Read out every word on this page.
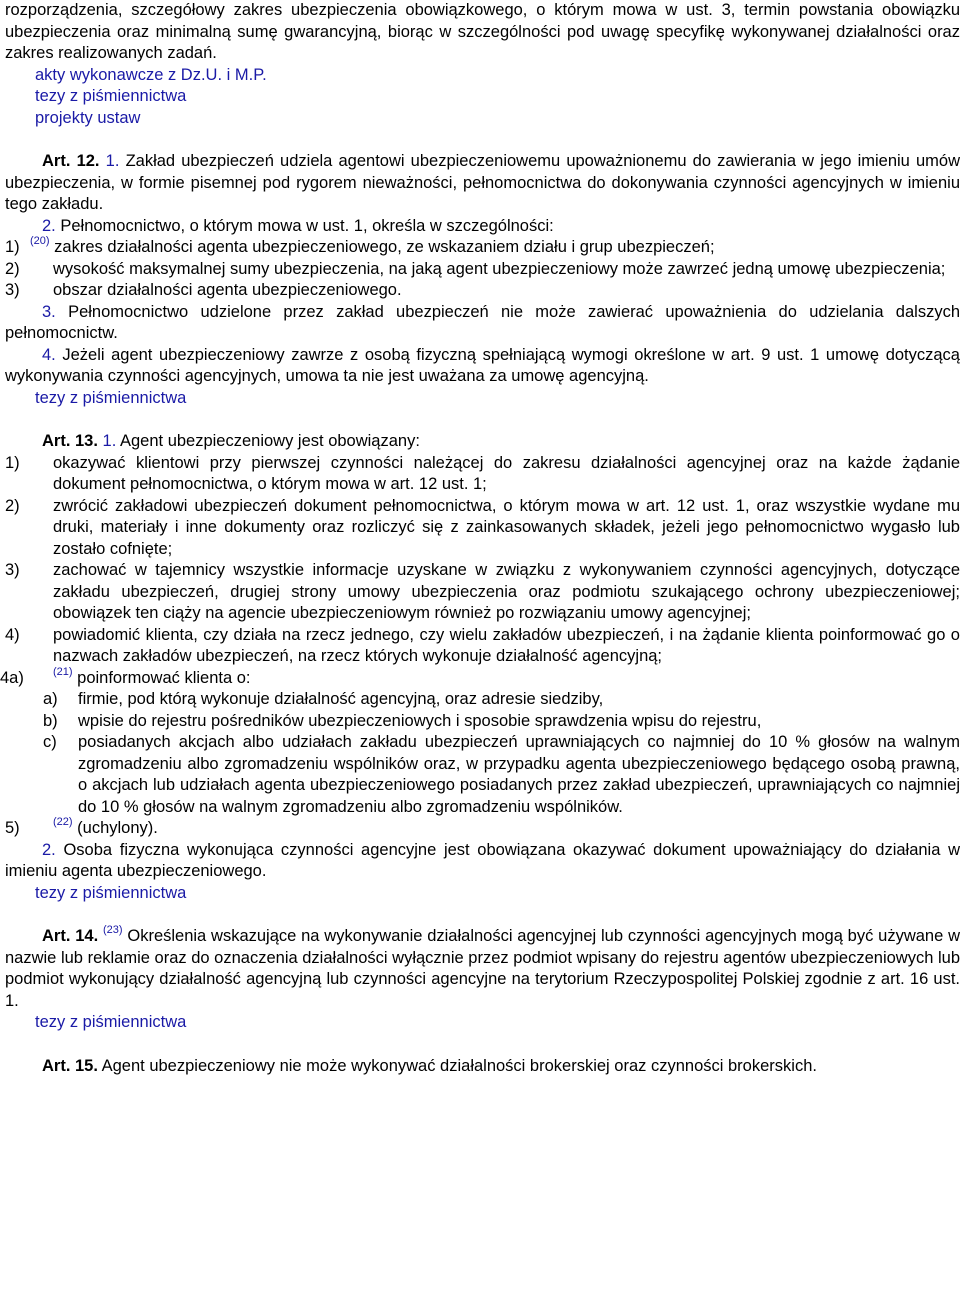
rozporządzenia, szczegółowy zakres ubezpieczenia obowiązkowego, o którym mowa w ust. 3, termin powstania obowiązku ubezpieczenia oraz minimalną sumę gwarancyjną, biorąc w szczególności pod uwagę specyfikę wykonywanej działalności oraz zakres realizowanych zadań.

akty wykonawcze z Dz.U. i M.P.

tezy z piśmiennictwa

projekty ustaw

Art. 12. 1. Zakład ubezpieczeń udziela agentowi ubezpieczeniowemu upoważnionemu do zawierania w jego imieniu umów ubezpieczenia, w formie pisemnej pod rygorem nieważności, pełnomocnictwa do dokonywania czynności agencyjnych w imieniu tego zakładu.

2. Pełnomocnictwo, o którym mowa w ust. 1, określa w szczególności:

1) $^{(20)}$ zakres działalności agenta ubezpieczeniowego, ze wskazaniem działu i grup ubezpieczeń;

2) wysokość maksymalnej sumy ubezpieczenia, na jaką agent ubezpieczeniowy może zawrzeć jedną umowę ubezpieczenia;

3) obszar działalności agenta ubezpieczeniowego.

3. Pełnomocnictwo udzielone przez zakład ubezpieczeń nie może zawierać upoważnienia do udzielania dalszych pełnomocnictw.

4. Jeżeli agent ubezpieczeniowy zawrze z osobą fizyczną spełniającą wymogi określone w art. 9 ust. 1 umowę dotyczącą wykonywania czynności agencyjnych, umowa ta nie jest uważana za umowę agencyjną.

tezy z piśmiennictwa

Art. 13. 1. Agent ubezpieczeniowy jest obowiązany:

1) okazywać klientowi przy pierwszej czynności należącej do zakresu działalności agencyjnej oraz na każde żądanie dokument pełnomocnictwa, o którym mowa w art. 12 ust. 1;

2) zwrócić zakładowi ubezpieczeń dokument pełnomocnictwa, o którym mowa w art. 12 ust. 1, oraz wszystkie wydane mu druki, materiały i inne dokumenty oraz rozliczyć się z zainkasowanych składek, jeżeli jego pełnomocnictwo wygasło lub zostało cofnięte;

3) zachować w tajemnicy wszystkie informacje uzyskane w związku z wykonywaniem czynności agencyjnych, dotyczące zakładu ubezpieczeń, drugiej strony umowy ubezpieczenia oraz podmiotu szukającego ochrony ubezpieczeniowej; obowiązek ten ciąży na agencie ubezpieczeniowym również po rozwiązaniu umowy agencyjnej;

4) powiadomić klienta, czy działa na rzecz jednego, czy wielu zakładów ubezpieczeń, i na żądanie klienta poinformować go o nazwach zakładów ubezpieczeń, na rzecz których wykonuje działalność agencyjną;

4a)	$^{(21)}$ poinformować klienta o:

a) firmie, pod którą wykonuje działalność agencyjną, oraz adresie siedziby,

b) wpisie do rejestru pośredników ubezpieczeniowych i sposobie sprawdzenia wpisu do rejestru,

c) posiadanych akcjach albo udziałach zakładu ubezpieczeń uprawniających co najmniej do 10 % głosów na walnym zgromadzeniu albo zgromadzeniu wspólników oraz, w przypadku agenta ubezpieczeniowego będącego osobą prawną, o akcjach lub udziałach agenta ubezpieczeniowego posiadanych przez zakład ubezpieczeń, uprawniających co najmniej do 10 % głosów na walnym zgromadzeniu albo zgromadzeniu wspólników.

5)	$^{(22)}$ (uchylony).

2. Osoba fizyczna wykonująca czynności agencyjne jest obowiązana okazywać dokument upoważniający do działania w imieniu agenta ubezpieczeniowego.

tezy z piśmiennictwa

Art. 14. $^{(23)}$ Określenia wskazujące na wykonywanie działalności agencyjnej lub czynności agencyjnych mogą być używane w nazwie lub reklamie oraz do oznaczenia działalności wyłącznie przez podmiot wpisany do rejestru agentów ubezpieczeniowych lub podmiot wykonujący działalność agencyjną lub czynności agencyjne na terytorium Rzeczypospolitej Polskiej zgodnie z art. 16 ust. 1.

tezy z piśmiennictwa

Art. 15. Agent ubezpieczeniowy nie może wykonywać działalności brokerskiej oraz czynności brokerskich.
